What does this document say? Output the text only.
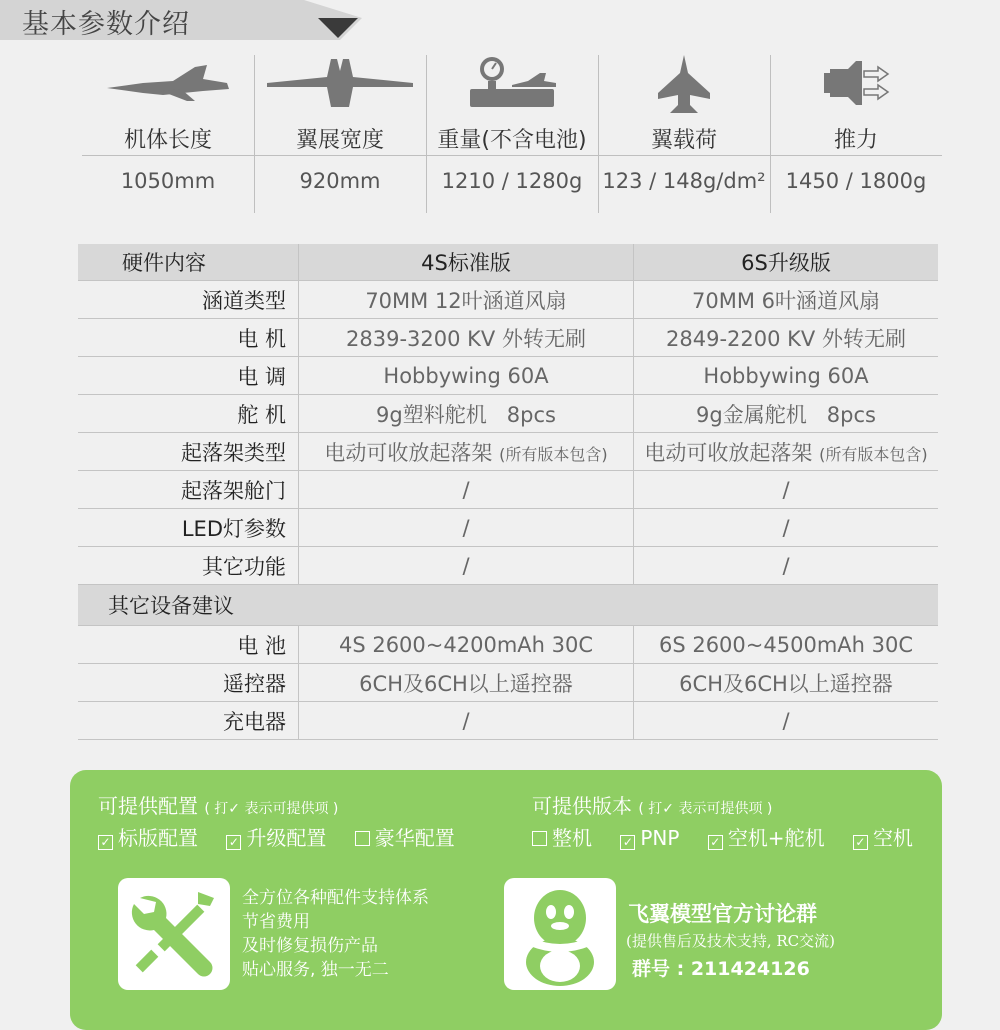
基本参数介绍
机体长度
1050mm
翼展宽度
920mm
重量(不含电池)
1210 / 1280g
翼载荷
123 / 148g/dm²
推力
1450 / 1800g
硬件内容	4S标准版	6S升级版
涵道类型	70MM 12叶涵道风扇	70MM 6叶涵道风扇
电 机	2839-3200 KV 外转无刷	2849-2200 KV 外转无刷
电 调	Hobbywing 60A	Hobbywing 60A
舵 机	9g塑料舵机   8pcs	9g金属舵机   8pcs
起落架类型	电动可收放起落架 (所有版本包含)	电动可收放起落架 (所有版本包含)
起落架舱门	/	/
LED灯参数	/	/
其它功能	/	/
其它设备建议		
电 池	4S 2600~4200mAh 30C	6S 2600~4500mAh 30C
遥控器	6CH及6CH以上遥控器	6CH及6CH以上遥控器
充电器	/	/
可提供配置 ( 打✓ 表示可提供项 )
✓ 标版配置	✓ 升级配置 豪华配置
可提供版本 ( 打✓ 表示可提供项 )
整机	✓ PNP	✓ 空机+舵机	✓ 空机
全方位各种配件支持体系
节省费用
及时修复损伤产品
贴心服务, 独一无二
飞翼模型官方讨论群
(提供售后及技术支持, RC交流)
群号 : 211424126
